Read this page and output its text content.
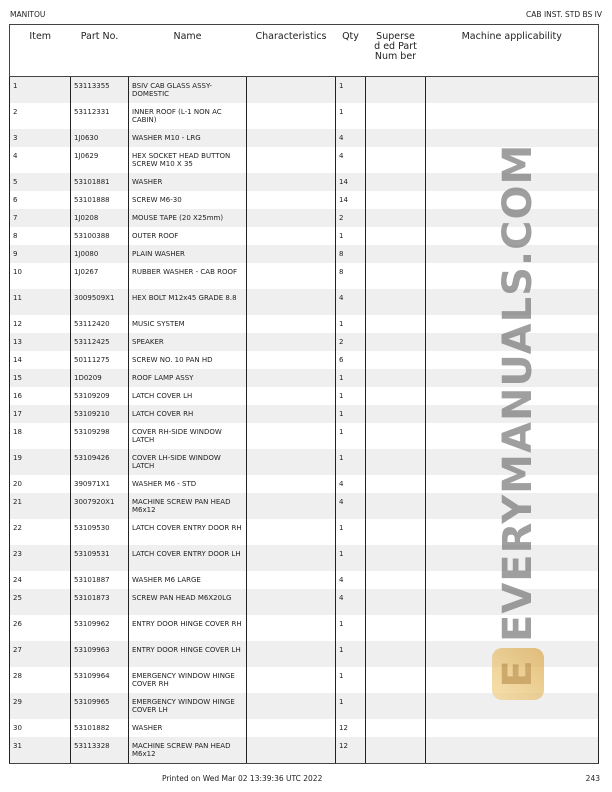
MANITOU	CAB INST. STD BS IV
Item	Part No.	Name	Characteristics	Qty	Supersed ed PartNum ber	Machine applicability
1	53113355	BSIV CAB GLASS ASSY-DOMESTIC		1		
2	53112331	INNER ROOF (L-1 NON AC CABIN)		1		
3	1J0630	WASHER M10 - LRG		4		
4	1J0629	HEX SOCKET HEAD BUTTON SCREW M10 X 35		4		
5	53101881	WASHER		14		
6	53101888	SCREW M6-30		14		
7	1J0208	MOUSE TAPE (20 X25mm)		2		
8	53100388	OUTER ROOF		1		
9	1J0080	PLAIN WASHER		8		
10	1J0267	RUBBER WASHER - CAB ROOF		8		
11	3009509X1	HEX BOLT M12x45 GRADE 8.8		4		
12	53112420	MUSIC SYSTEM		1		
13	53112425	SPEAKER		2		
14	50111275	SCREW NO. 10 PAN HD		6		
15	1D0209	ROOF LAMP ASSY		1		
16	53109209	LATCH COVER LH		1		
17	53109210	LATCH COVER RH		1		
18	53109298	COVER RH-SIDE WINDOW LATCH		1		
19	53109426	COVER LH-SIDE WINDOW LATCH		1		
20	390971X1	WASHER M6 - STD		4		
21	3007920X1	MACHINE SCREW PAN HEAD M6x12		4		
22	53109530	LATCH COVER ENTRY DOOR RH		1		
23	53109531	LATCH COVER ENTRY DOOR LH		1		
24	53101887	WASHER M6 LARGE		4		
25	53101873	SCREW PAN HEAD M6X20LG		4		
26	53109962	ENTRY DOOR HINGE COVER RH		1		
27	53109963	ENTRY DOOR HINGE COVER LH		1		
28	53109964	EMERGENCY WINDOW HINGE COVER RH		1		
29	53109965	EMERGENCY WINDOW HINGE COVER LH		1		
30	53101882	WASHER		12		
31	53113328	MACHINE SCREW PAN HEAD M6x12		12		
E
EVERYMANUALS.COM
Printed on Wed Mar 02 13:39:36 UTC 2022	243
